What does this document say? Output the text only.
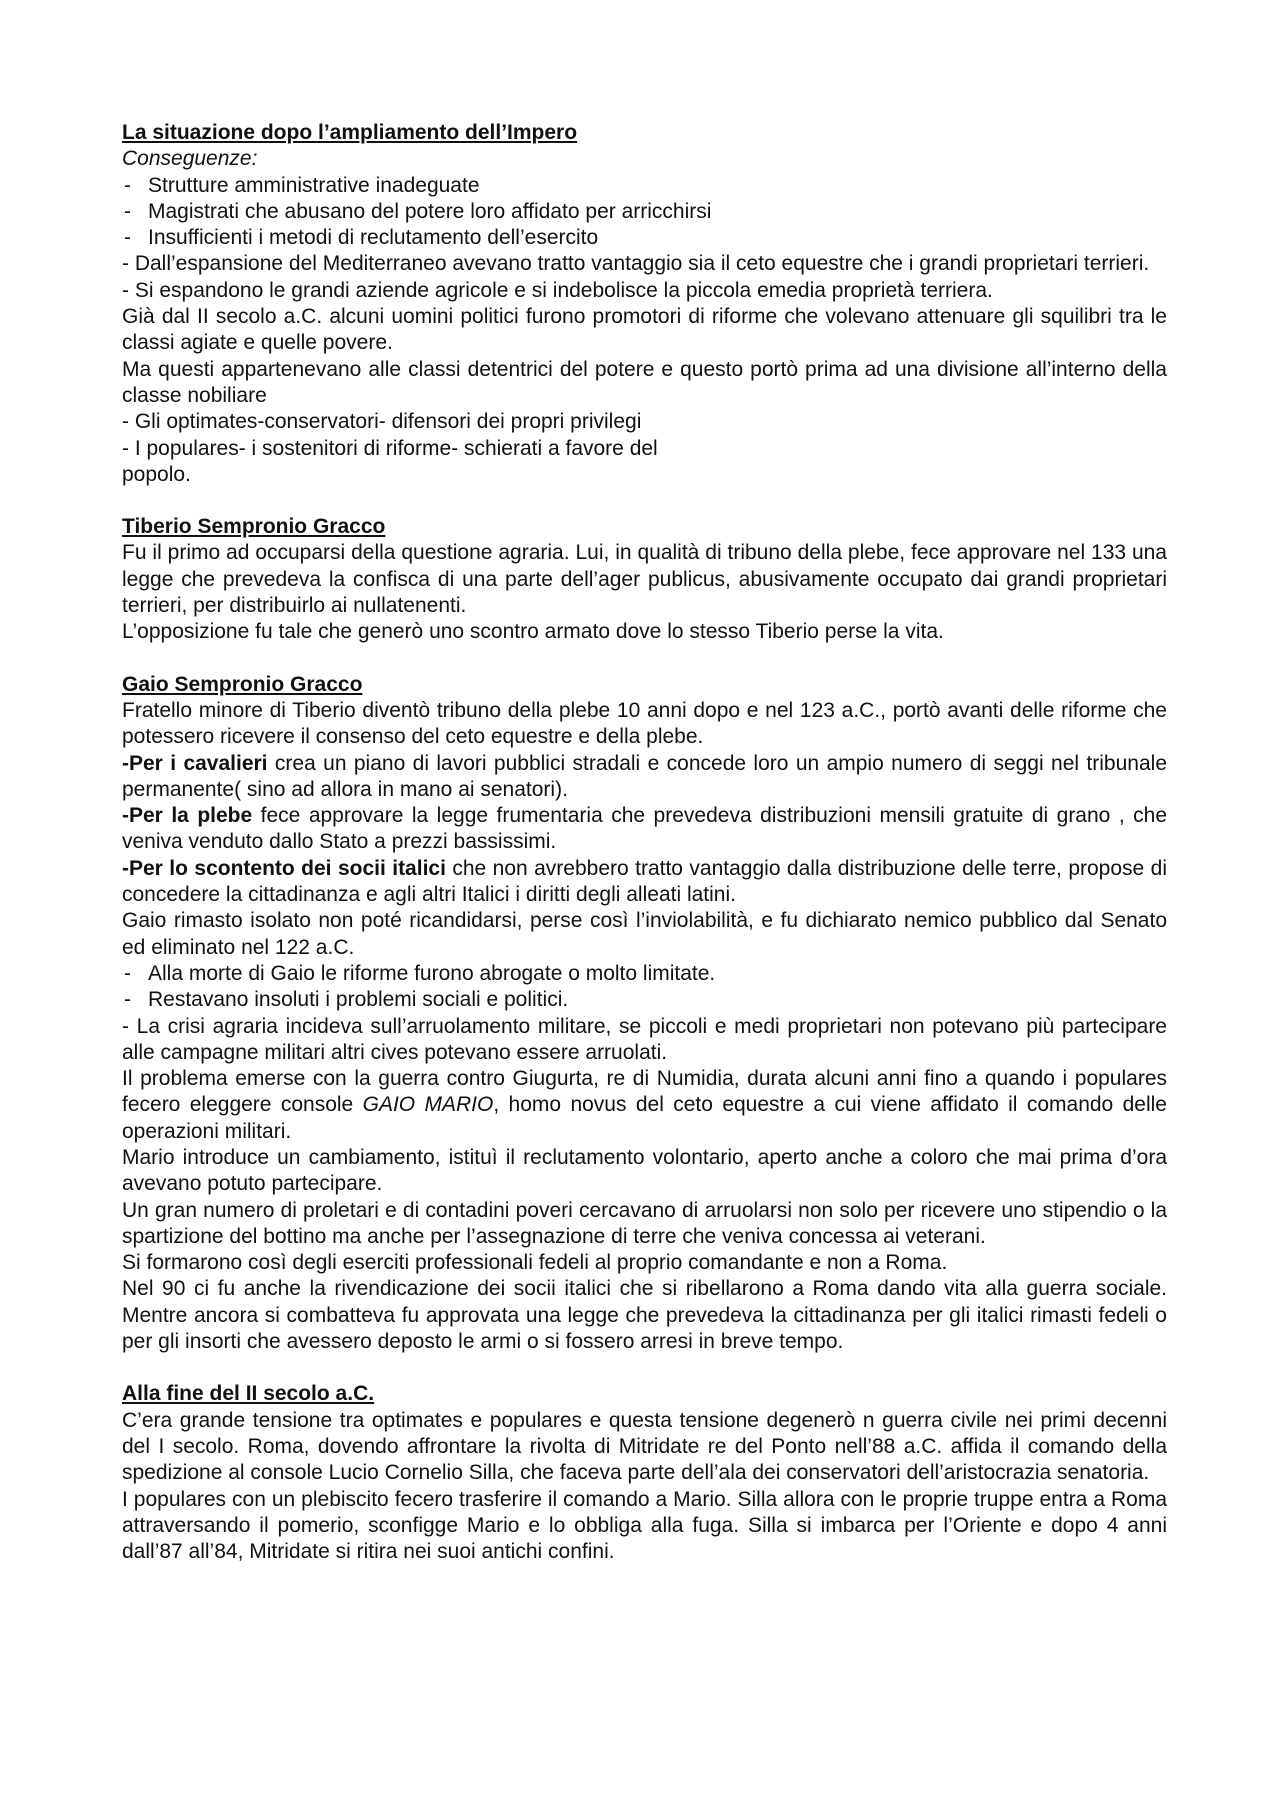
La situazione dopo l’ampliamento dell’Impero
Conseguenze:
- Strutture amministrative inadeguate
- Magistrati che abusano del potere loro affidato per arricchirsi
- Insufficienti i metodi di reclutamento dell’esercito

- Dall’espansione del Mediterraneo avevano tratto vantaggio sia il ceto equestre che i grandi proprietari terrieri.

- Si espandono le grandi aziende agricole e si indebolisce la piccola emedia proprietà terriera.

Già dal II secolo a.C. alcuni uomini politici furono promotori di riforme che volevano attenuare gli squilibri tra le classi agiate e quelle povere.

Ma questi appartenevano alle classi detentrici del potere e questo portò prima ad una divisione all’interno della classe nobiliare

- Gli optimates-conservatori- difensori dei propri privilegi

- I populares- i sostenitori di riforme- schierati a favore del

popolo.

Tiberio Sempronio Gracco

Fu il primo ad occuparsi della questione agraria. Lui, in qualità di tribuno della plebe, fece approvare nel 133 una legge che prevedeva la confisca di una parte dell’ager publicus, abusivamente occupato dai grandi proprietari terrieri, per distribuirlo ai nullatenenti.

L’opposizione fu tale che generò uno scontro armato dove lo stesso Tiberio perse la vita.

Gaio Sempronio Gracco

Fratello minore di Tiberio diventò tribuno della plebe 10 anni dopo e nel 123 a.C., portò avanti delle riforme che potessero ricevere il consenso del ceto equestre e della plebe.

-Per i cavalieri crea un piano di lavori pubblici stradali e concede loro un ampio numero di seggi nel tribunale permanente( sino ad allora in mano ai senatori).

-Per la plebe fece approvare la legge frumentaria che prevedeva distribuzioni mensili gratuite di grano , che veniva venduto dallo Stato a prezzi bassissimi.

-Per lo scontento dei socii italici che non avrebbero tratto vantaggio dalla distribuzione delle terre, propose di concedere la cittadinanza e agli altri Italici i diritti degli alleati latini.

Gaio rimasto isolato non poté ricandidarsi, perse così l’inviolabilità, e fu dichiarato nemico pubblico dal Senato ed eliminato nel 122 a.C.

- Alla morte di Gaio le riforme furono abrogate o molto limitate.
- Restavano insoluti i problemi sociali e politici.

- La crisi agraria incideva sull’arruolamento militare, se piccoli e medi proprietari non potevano più partecipare alle campagne militari altri cives potevano essere arruolati.

Il problema emerse con la guerra contro Giugurta, re di Numidia, durata alcuni anni fino a quando i populares fecero eleggere console GAIO MARIO, homo novus del ceto equestre a cui viene affidato il comando delle operazioni militari.

Mario introduce un cambiamento, istituì il reclutamento volontario, aperto anche a coloro che mai prima d’ora avevano potuto partecipare.

Un gran numero di proletari e di contadini poveri cercavano di arruolarsi non solo per ricevere uno stipendio o la spartizione del bottino ma anche per l’assegnazione di terre che veniva concessa ai veterani.

Si formarono così degli eserciti professionali fedeli al proprio comandante e non a Roma.

Nel 90 ci fu anche la rivendicazione dei socii italici che si ribellarono a Roma dando vita alla guerra sociale. Mentre ancora si combatteva fu approvata una legge che prevedeva la cittadinanza per gli italici rimasti fedeli o per gli insorti che avessero deposto le armi o si fossero arresi in breve tempo.

Alla fine del II secolo a.C.

C’era grande tensione tra optimates e populares e questa tensione degenerò n guerra civile nei primi decenni del I secolo. Roma, dovendo affrontare la rivolta di Mitridate re del Ponto nell’88 a.C. affida il comando della spedizione al console Lucio Cornelio Silla, che faceva parte dell’ala dei conservatori dell’aristocrazia senatoria.

I populares con un plebiscito fecero trasferire il comando a Mario. Silla allora con le proprie truppe entra a Roma attraversando il pomerio, sconfigge Mario e lo obbliga alla fuga. Silla si imbarca per l’Oriente e dopo 4 anni dall’87 all’84, Mitridate si ritira nei suoi antichi confini.
